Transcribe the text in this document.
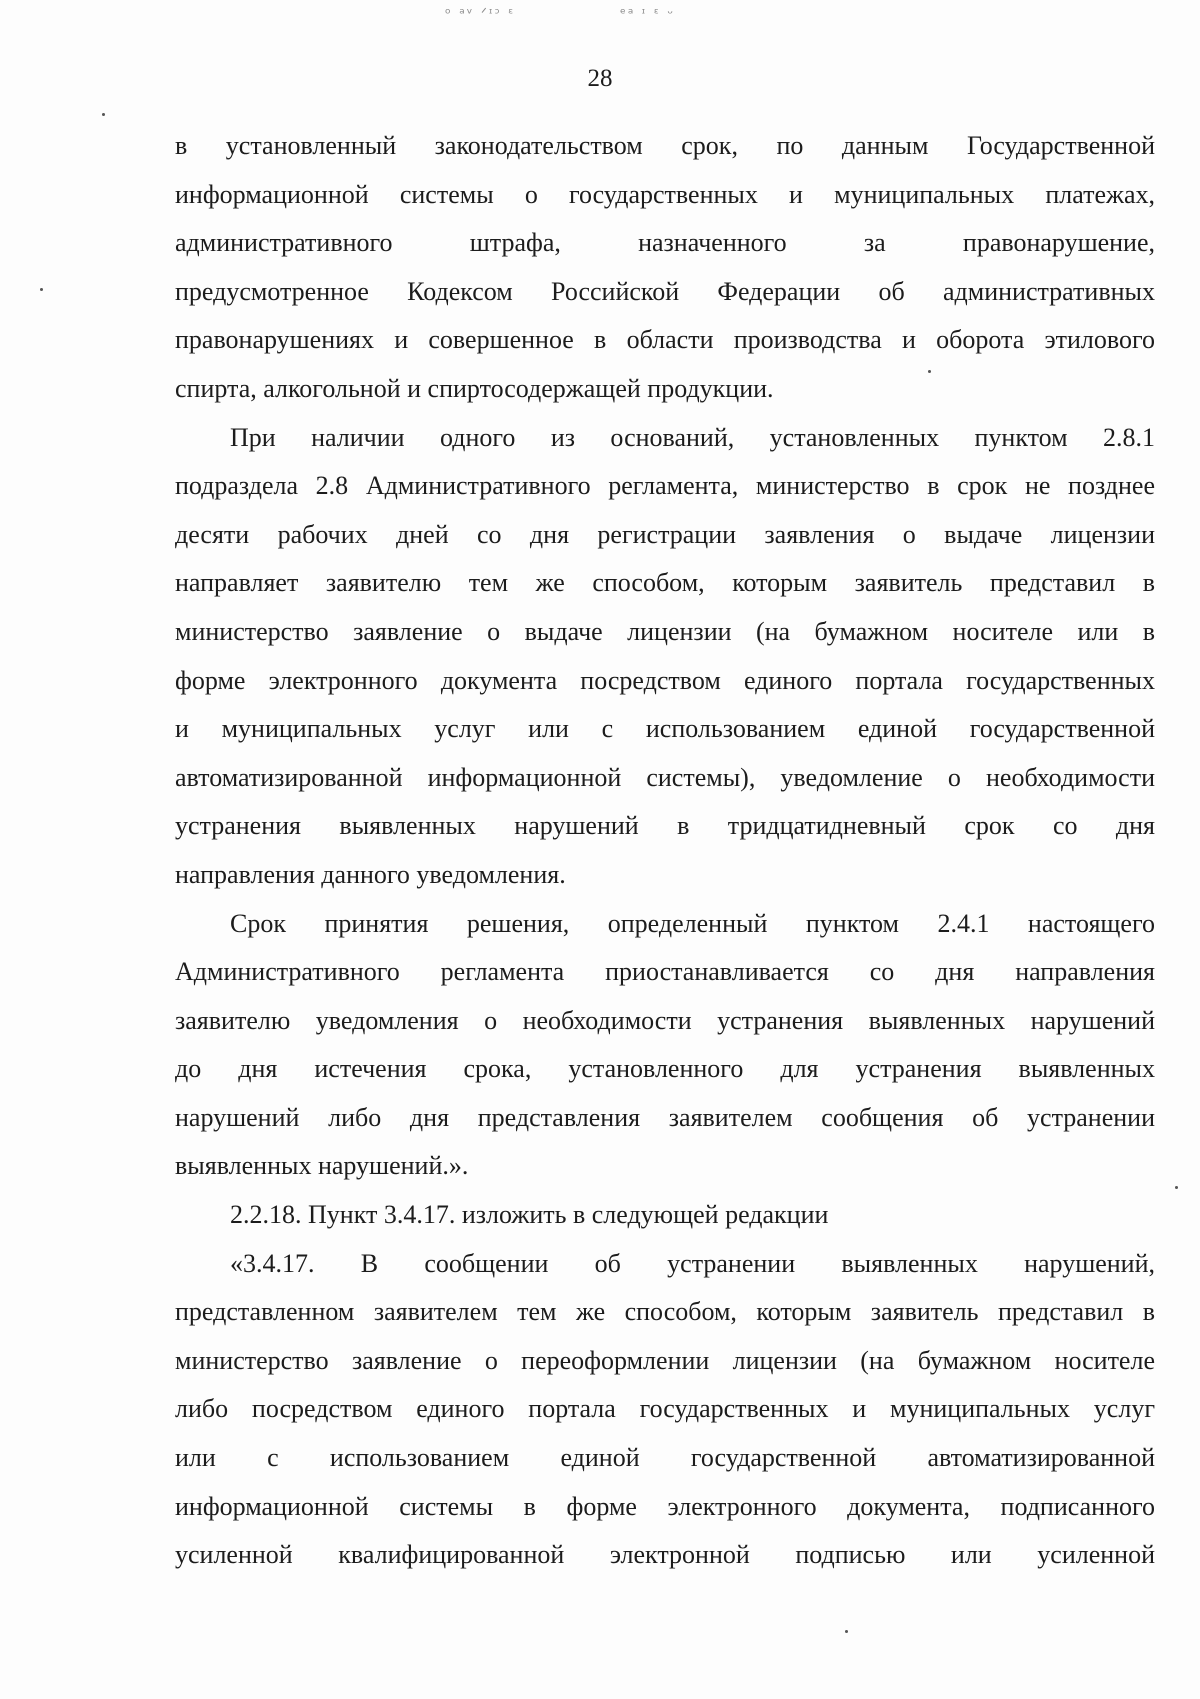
ᵒ ᵃᵛ ᐟᶦᵓ ᵋ	ᵉᵃ ᶦ ᵋ ᵕ
28
в установленный законодательством срок, по данным Государственной
информационной системы о государственных и муниципальных платежах,
административного штрафа, назначенного за правонарушение,
предусмотренное Кодексом Российской Федерации об административных
правонарушениях и совершенное в области производства и оборота этилового
спирта, алкогольной и спиртосодержащей продукции.
При наличии одного из оснований, установленных пунктом 2.8.1
подраздела 2.8 Административного регламента, министерство в срок не позднее
десяти рабочих дней со дня регистрации заявления о выдаче лицензии
направляет заявителю тем же способом, которым заявитель представил в
министерство заявление о выдаче лицензии (на бумажном носителе или в
форме электронного документа посредством единого портала государственных
и муниципальных услуг или с использованием единой государственной
автоматизированной информационной системы), уведомление о необходимости
устранения выявленных нарушений в тридцатидневный срок со дня
направления данного уведомления.
Срок принятия решения, определенный пунктом 2.4.1 настоящего
Административного регламента приостанавливается со дня направления
заявителю уведомления о необходимости устранения выявленных нарушений
до дня истечения срока, установленного для устранения выявленных
нарушений либо дня представления заявителем сообщения об устранении
выявленных нарушений.».
2.2.18. Пункт 3.4.17. изложить в следующей редакции
«3.4.17. В сообщении об устранении выявленных нарушений,
представленном заявителем тем же способом, которым заявитель представил в
министерство заявление о переоформлении лицензии (на бумажном носителе
либо посредством единого портала государственных и муниципальных услуг
или с использованием единой государственной автоматизированной
информационной системы в форме электронного документа, подписанного
усиленной квалифицированной электронной подписью или усиленной
